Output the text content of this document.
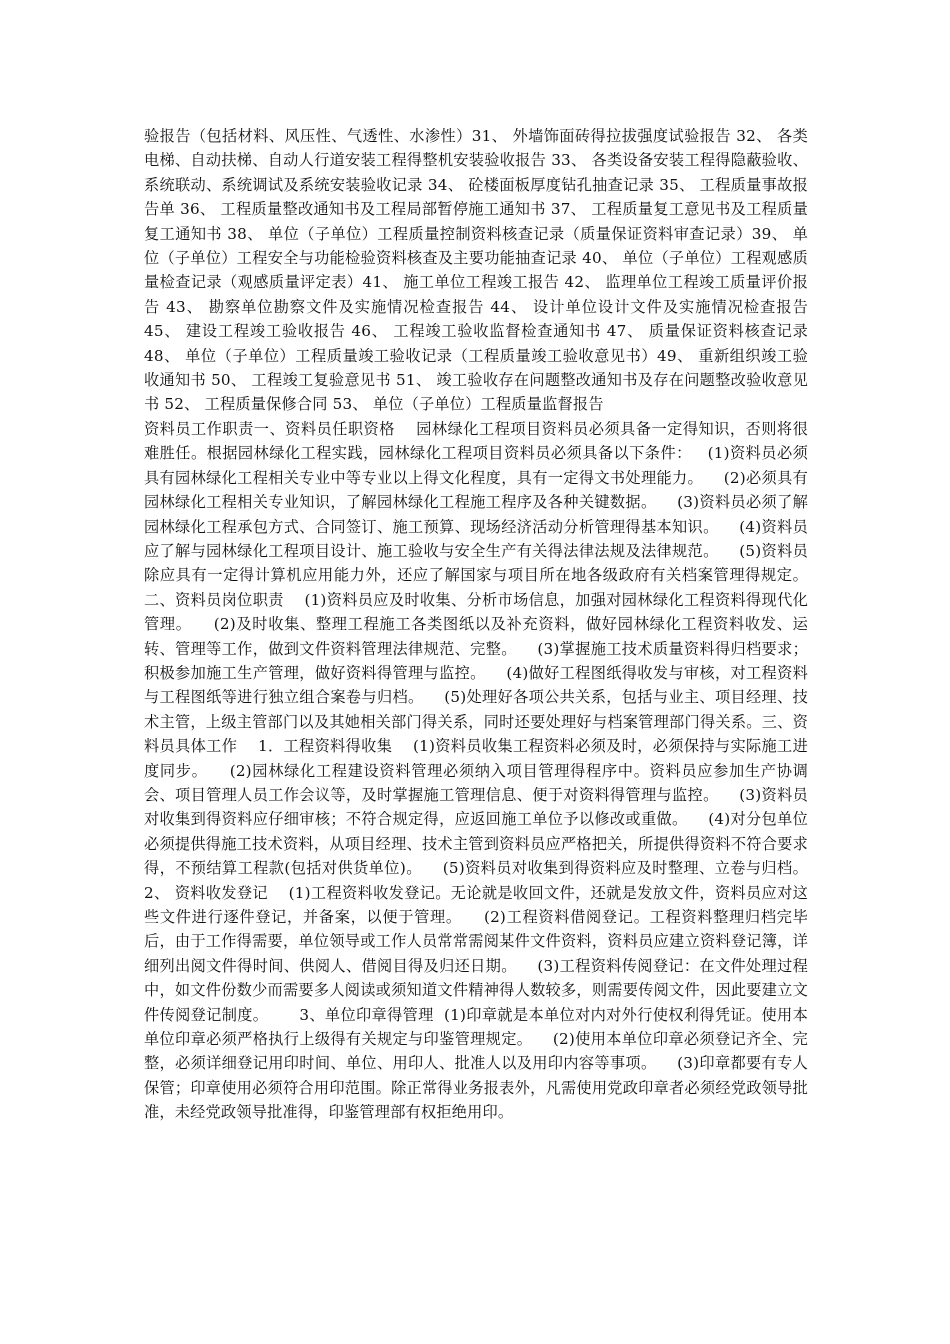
验报告（包括材料、风压性、气透性、水渗性）31、 外墙饰面砖得拉拔强度试验报告 32、 各类电梯、自动扶梯、自动人行道安装工程得整机安装验收报告 33、 各类设备安装工程得隐蔽验收、系统联动、系统调试及系统安装验收记录 34、 砼楼面板厚度钻孔抽查记录 35、 工程质量事故报告单 36、 工程质量整改通知书及工程局部暂停施工通知书 37、 工程质量复工意见书及工程质量复工通知书 38、 单位（子单位）工程质量控制资料核查记录（质量保证资料审查记录）39、 单位（子单位）工程安全与功能检验资料核查及主要功能抽查记录 40、 单位（子单位）工程观感质量检查记录（观感质量评定表）41、 施工单位工程竣工报告 42、 监理单位工程竣工质量评价报告 43、 勘察单位勘察文件及实施情况检查报告 44、 设计单位设计文件及实施情况检查报告 45、 建设工程竣工验收报告 46、 工程竣工验收监督检查通知书 47、 质量保证资料核查记录 48、 单位（子单位）工程质量竣工验收记录（工程质量竣工验收意见书）49、 重新组织竣工验收通知书 50、 工程竣工复验意见书 51、 竣工验收存在问题整改通知书及存在问题整改验收意见书 52、 工程质量保修合同 53、 单位（子单位）工程质量监督报告

资料员工作职责一、资料员任职资格    园林绿化工程项目资料员必须具备一定得知识，否则将很难胜任。根据园林绿化工程实践，园林绿化工程项目资料员必须具备以下条件：   (1)资料员必须具有园林绿化工程相关专业中等专业以上得文化程度，具有一定得文书处理能力。    (2)必须具有园林绿化工程相关专业知识，了解园林绿化工程施工程序及各种关键数据。    (3)资料员必须了解园林绿化工程承包方式、合同签订、施工预算、现场经济活动分析管理得基本知识。    (4)资料员应了解与园林绿化工程项目设计、施工验收与安全生产有关得法律法规及法律规范。    (5)资料员除应具有一定得计算机应用能力外，还应了解国家与项目所在地各级政府有关档案管理得规定。 二、资料员岗位职责    (1)资料员应及时收集、分析市场信息，加强对园林绿化工程资料得现代化管理。    (2)及时收集、整理工程施工各类图纸以及补充资料，做好园林绿化工程资料收发、运转、管理等工作，做到文件资料管理法律规范、完整。    (3)掌握施工技术质量资料得归档要求；积极参加施工生产管理，做好资料得管理与监控。    (4)做好工程图纸得收发与审核，对工程资料与工程图纸等进行独立组合案卷与归档。    (5)处理好各项公共关系，包括与业主、项目经理、技术主管，上级主管部门以及其她相关部门得关系，同时还要处理好与档案管理部门得关系。三、资料员具体工作    1．工程资料得收集    (1)资料员收集工程资料必须及时，必须保持与实际施工进度同步。    (2)园林绿化工程建设资料管理必须纳入项目管理得程序中。资料员应参加生产协调会、项目管理人员工作会议等，及时掌握施工管理信息、便于对资料得管理与监控。    (3)资料员对收集到得资料应仔细审核；不符合规定得，应返回施工单位予以修改或重做。    (4)对分包单位必须提供得施工技术资料，从项目经理、技术主管到资料员应严格把关，所提供得资料不符合要求得，不预结算工程款(包括对供货单位)。    (5)资料员对收集到得资料应及时整理、立卷与归档。    2、 资料收发登记    (1)工程资料收发登记。无论就是收回文件，还就是发放文件，资料员应对这些文件进行逐件登记，并备案，以便于管理。    (2)工程资料借阅登记。工程资料整理归档完毕后，由于工作得需要，单位领导或工作人员常常需阅某件文件资料，资料员应建立资料登记簿，详细列出阅文件得时间、供阅人、借阅目得及归还日期。    (3)工程资料传阅登记：在文件处理过程中，如文件份数少而需要多人阅读或须知道文件精神得人数较多，则需要传阅文件，因此要建立文件传阅登记制度。      3、单位印章得管理  (1)印章就是本单位对内对外行使权利得凭证。使用本单位印章必须严格执行上级得有关规定与印鉴管理规定。    (2)使用本单位印章必须登记齐全、完整，必须详细登记用印时间、单位、用印人、批准人以及用印内容等事项。    (3)印章都要有专人保管；印章使用必须符合用印范围。除正常得业务报表外，凡需使用党政印章者必须经党政领导批准，未经党政领导批准得，印鉴管理部有权拒绝用印。
